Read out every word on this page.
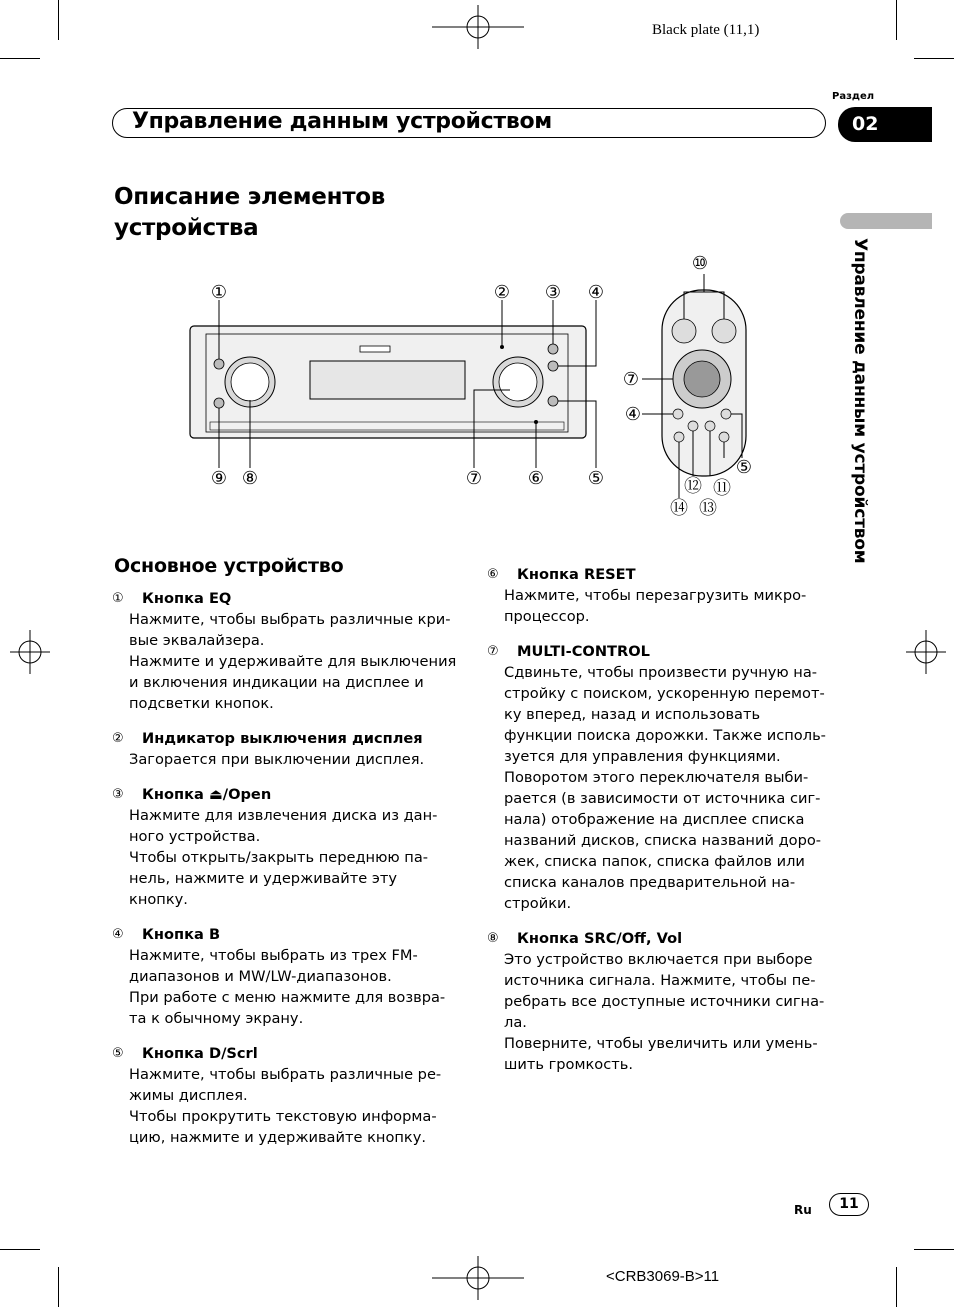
Black plate (11,1)
Раздел
Управление данным устройством	02
Управление данным устройством
Описание элементов устройства
①	② ③ ④
⑨ ⑧	⑦	⑥ ⑤
⑩
⑦
④
⑤
⑫ ⑪
⑭ ⑬
Основное устройство
①	Кнопка EQ

Нажмите, чтобы выбрать различные кри-

вые эквалайзера.

Нажмите и удерживайте для выключения

и включения индикации на дисплее и

подсветки кнопок.

②	Индикатор выключения дисплея

Загорается при выключении дисплея.

③	Кнопка ⏏/Open

Нажмите для извлечения диска из дан-

ного устройства.

Чтобы открыть/закрыть переднюю па-

нель, нажмите и удерживайте эту кнопку.

④	Кнопка B

Нажмите, чтобы выбрать из трех FM-

диапазонов и MW/LW-диапазонов.

При работе с меню нажмите для возвра-

та к обычному экрану.

⑤	Кнопка D/Scrl

Нажмите, чтобы выбрать различные ре-

жимы дисплея.

Чтобы прокрутить текстовую информа-

цию, нажмите и удерживайте кнопку.

⑥	Кнопка RESET

Нажмите, чтобы перезагрузить микро-

процессор.

⑦	MULTI-CONTROL

Сдвиньте, чтобы произвести ручную на-

стройку с поиском, ускоренную перемот-

ку вперед, назад и использовать

функции поиска дорожки. Также исполь-

зуется для управления функциями.

Поворотом этого переключателя выби-

рается (в зависимости от источника сиг-

нала) отображение на дисплее списка

названий дисков, списка названий доро-

жек, списка папок, списка файлов или

списка каналов предварительной на-

стройки.

⑧	Кнопка SRC/Off, Vol

Это устройство включается при выборе

источника сигнала. Нажмите, чтобы пе-

ребрать все доступные источники сигна-

ла.

Поверните, чтобы увеличить или умень-

шить громкость.

Ru	11
<CRB3069-B>11
